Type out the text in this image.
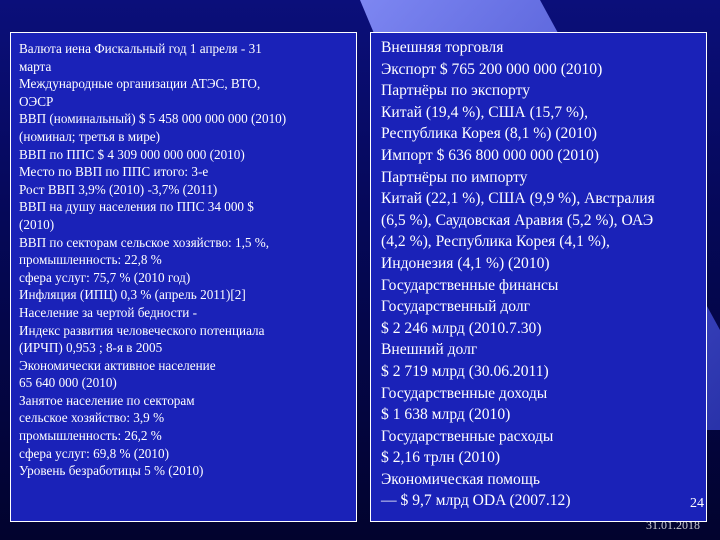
Валюта иена Фискальный год 1 апреля - 31
марта
Международные организации АТЭС, ВТО,
ОЭСР
ВВП (номинальный) $ 5 458 000 000 000 (2010)
(номинал; третья в мире)
ВВП по ППС $ 4 309 000 000 000 (2010)
Место по ВВП по ППС итого: 3-е
Рост ВВП 3,9% (2010) -3,7% (2011)
ВВП на душу населения по ППС 34 000 $
(2010)
ВВП по секторам сельское хозяйство: 1,5 %,
промышленность: 22,8 %
сфера услуг: 75,7 % (2010 год)
Инфляция (ИПЦ) 0,3 % (апрель 2011)[2]
Население за чертой бедности -
Индекс развития человеческого потенциала
(ИРЧП) 0,953 ; 8-я в 2005
Экономически активное население
65 640 000 (2010)
Занятое население по секторам
сельское хозяйство: 3,9 %
промышленность: 26,2 %
сфера услуг: 69,8 % (2010)
Уровень безработицы 5 % (2010)
Внешняя торговля
Экспорт $ 765 200 000 000 (2010)
Партнёры по экспорту
Китай (19,4 %), США (15,7 %),
Республика Корея (8,1 %) (2010)
Импорт $ 636 800 000 000 (2010)
Партнёры по импорту
Китай (22,1 %), США (9,9 %), Австралия
(6,5 %), Саудовская Аравия (5,2 %), ОАЭ
(4,2 %), Республика Корея (4,1 %),
Индонезия (4,1 %) (2010)
Государственные финансы
Государственный долг
$ 2 246 млрд (2010.7.30)
Внешний долг
$ 2 719 млрд (30.06.2011)
Государственные доходы
$ 1 638 млрд (2010)
Государственные расходы
$ 2,16 трлн (2010)
Экономическая помощь
— $ 9,7 млрд ODA (2007.12)	24
31.01.2018
